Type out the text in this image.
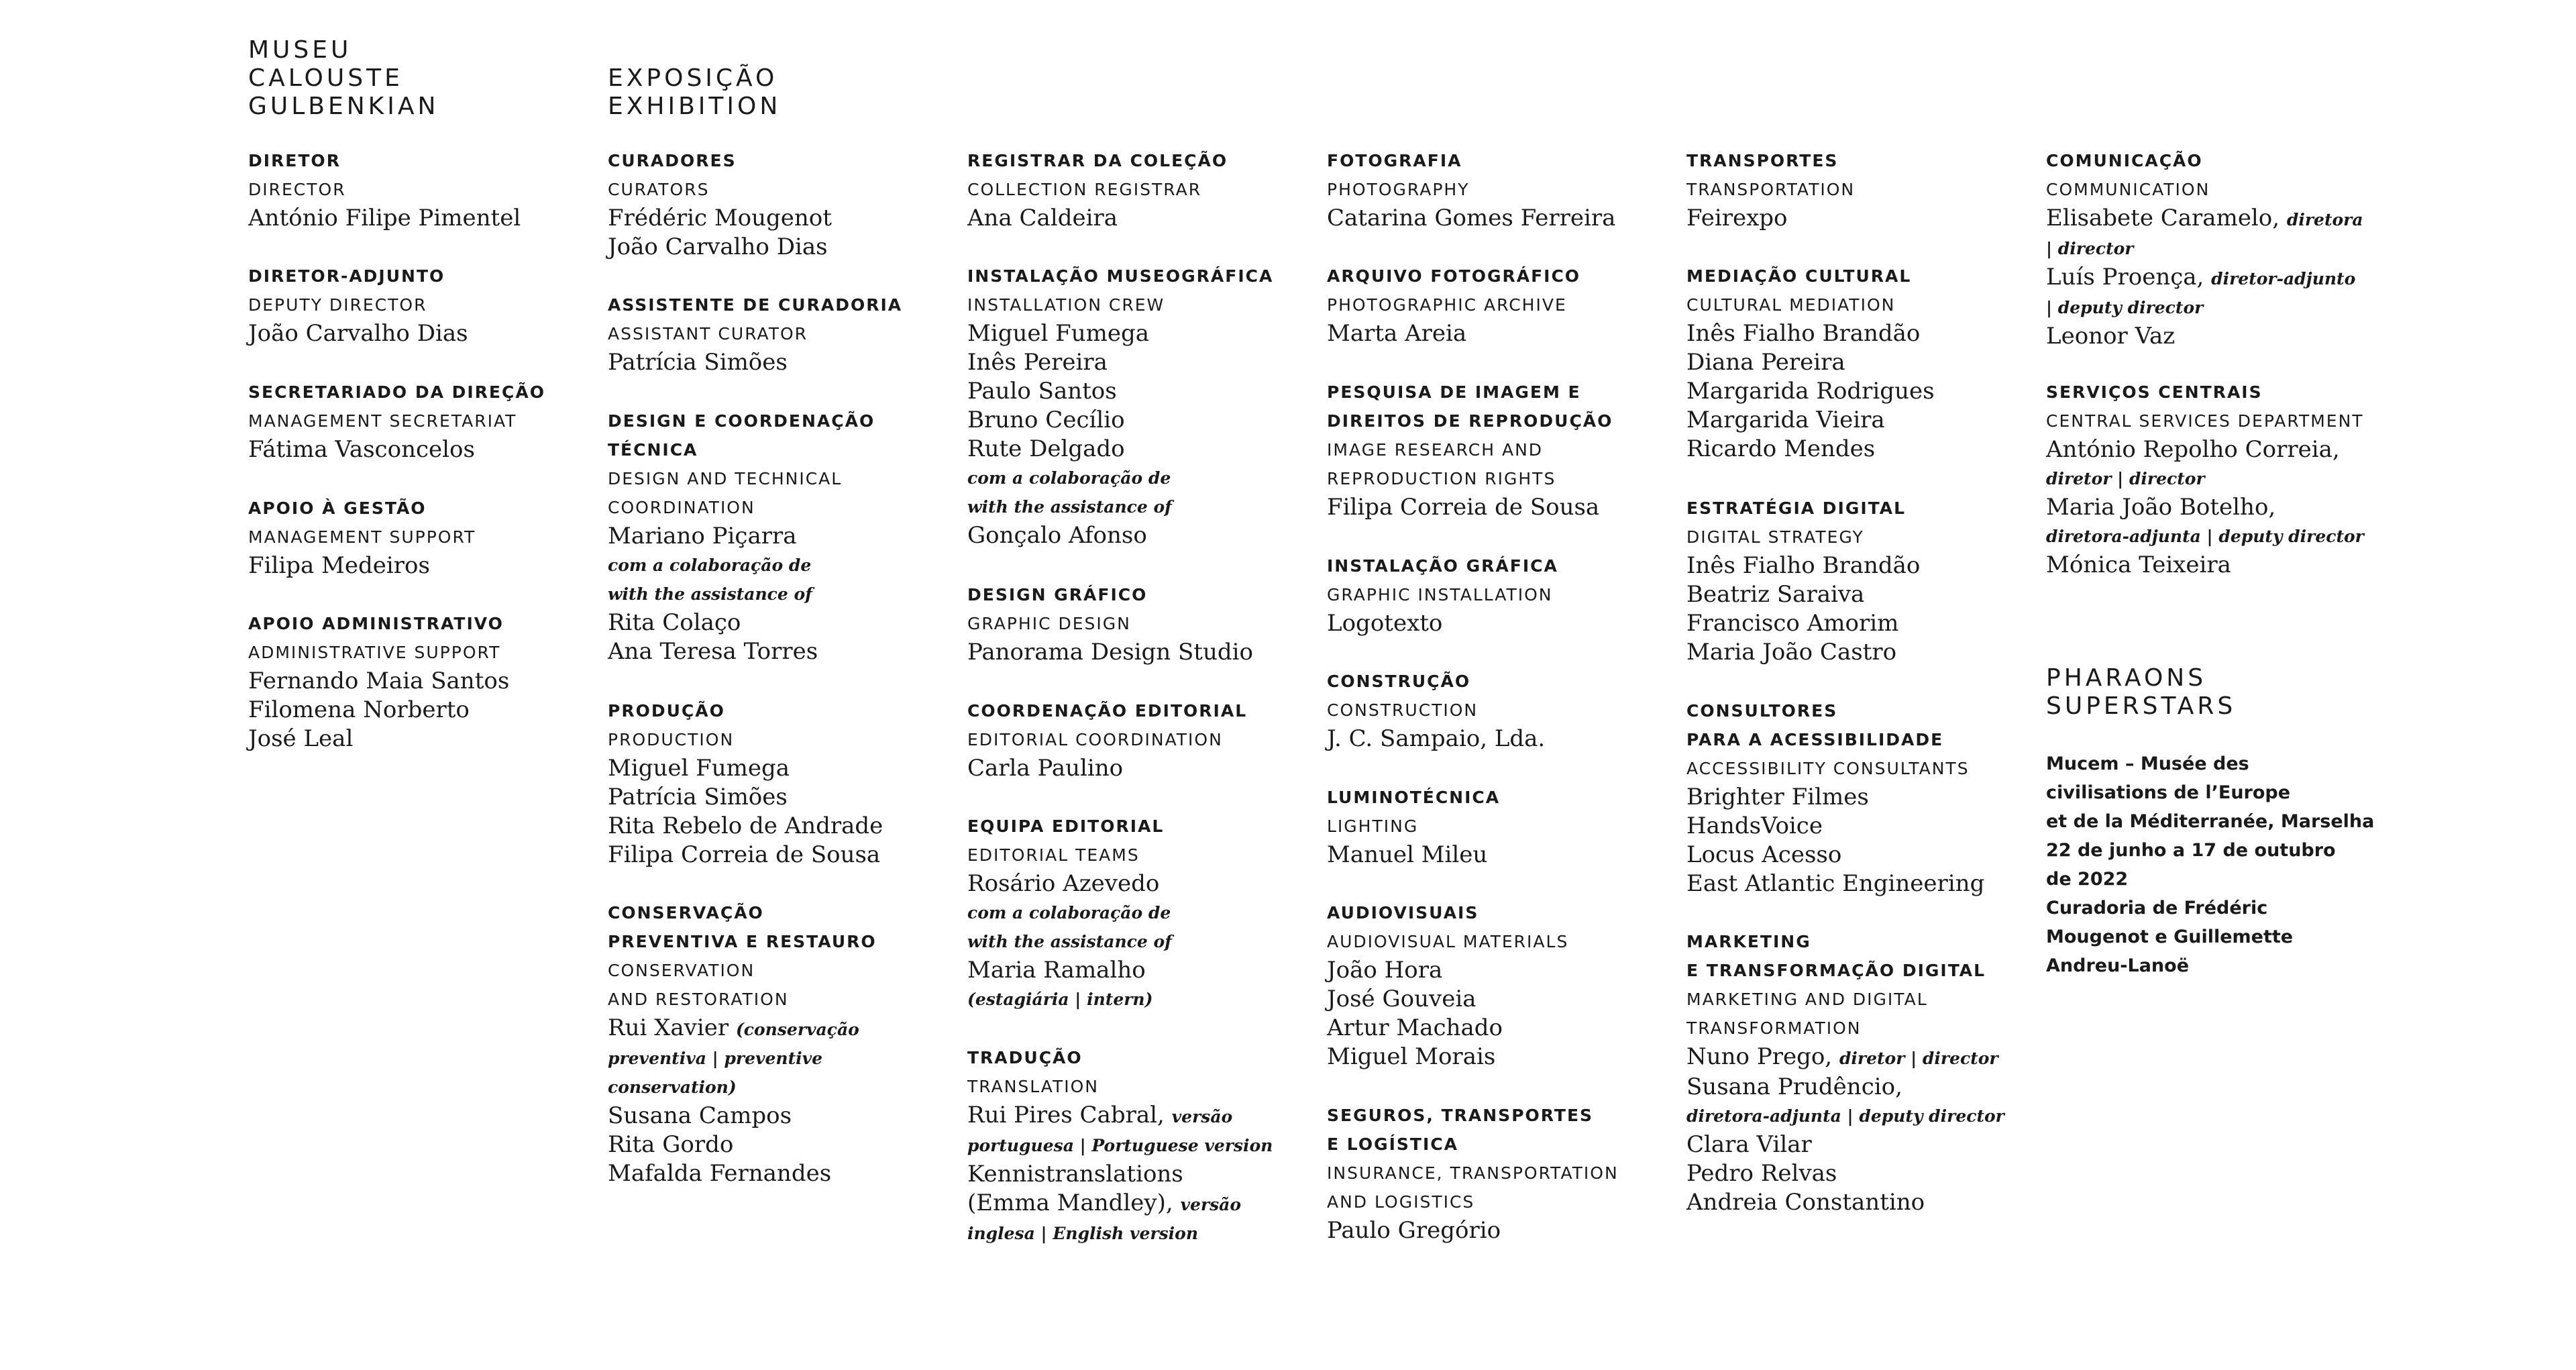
MUSEU
CALOUSTE
GULBENKIAN
DIRETOR
DIRECTOR
António Filipe Pimentel
DIRETOR-ADJUNTO
DEPUTY DIRECTOR
João Carvalho Dias
SECRETARIADO DA DIREÇÃO
MANAGEMENT SECRETARIAT
Fátima Vasconcelos
APOIO À GESTÃO
MANAGEMENT SUPPORT
Filipa Medeiros
APOIO ADMINISTRATIVO
ADMINISTRATIVE SUPPORT
Fernando Maia Santos
Filomena Norberto
José Leal
EXPOSIÇÃO
EXHIBITION
CURADORES
CURATORS
Frédéric Mougenot
João Carvalho Dias
ASSISTENTE DE CURADORIA
ASSISTANT CURATOR
Patrícia Simões
DESIGN E COORDENAÇÃO
TÉCNICA
DESIGN AND TECHNICAL
COORDINATION
Mariano Piçarra
com a colaboração de
with the assistance of
Rita Colaço
Ana Teresa Torres
PRODUÇÃO
PRODUCTION
Miguel Fumega
Patrícia Simões
Rita Rebelo de Andrade
Filipa Correia de Sousa
CONSERVAÇÃO
PREVENTIVA E RESTAURO
CONSERVATION
AND RESTORATION
Rui Xavier (conservação
preventiva | preventive
conservation)
Susana Campos
Rita Gordo
Mafalda Fernandes
REGISTRAR DA COLEÇÃO
COLLECTION REGISTRAR
Ana Caldeira
INSTALAÇÃO MUSEOGRÁFICA
INSTALLATION CREW
Miguel Fumega
Inês Pereira
Paulo Santos
Bruno Cecílio
Rute Delgado
com a colaboração de
with the assistance of
Gonçalo Afonso
DESIGN GRÁFICO
GRAPHIC DESIGN
Panorama Design Studio
COORDENAÇÃO EDITORIAL
EDITORIAL COORDINATION
Carla Paulino
EQUIPA EDITORIAL
EDITORIAL TEAMS
Rosário Azevedo
com a colaboração de
with the assistance of
Maria Ramalho
(estagiária | intern)
TRADUÇÃO
TRANSLATION
Rui Pires Cabral, versão
portuguesa | Portuguese version
Kennistranslations
(Emma Mandley), versão
inglesa | English version
FOTOGRAFIA
PHOTOGRAPHY
Catarina Gomes Ferreira
ARQUIVO FOTOGRÁFICO
PHOTOGRAPHIC ARCHIVE
Marta Areia
PESQUISA DE IMAGEM E
DIREITOS DE REPRODUÇÃO
IMAGE RESEARCH AND
REPRODUCTION RIGHTS
Filipa Correia de Sousa
INSTALAÇÃO GRÁFICA
GRAPHIC INSTALLATION
Logotexto
CONSTRUÇÃO
CONSTRUCTION
J. C. Sampaio, Lda.
LUMINOTÉCNICA
LIGHTING
Manuel Mileu
AUDIOVISUAIS
AUDIOVISUAL MATERIALS
João Hora
José Gouveia
Artur Machado
Miguel Morais
SEGUROS, TRANSPORTES
E LOGÍSTICA
INSURANCE, TRANSPORTATION
AND LOGISTICS
Paulo Gregório
TRANSPORTES
TRANSPORTATION
Feirexpo
MEDIAÇÃO CULTURAL
CULTURAL MEDIATION
Inês Fialho Brandão
Diana Pereira
Margarida Rodrigues
Margarida Vieira
Ricardo Mendes
ESTRATÉGIA DIGITAL
DIGITAL STRATEGY
Inês Fialho Brandão
Beatriz Saraiva
Francisco Amorim
Maria João Castro
CONSULTORES
PARA A ACESSIBILIDADE
ACCESSIBILITY CONSULTANTS
Brighter Filmes
HandsVoice
Locus Acesso
East Atlantic Engineering
MARKETING
E TRANSFORMAÇÃO DIGITAL
MARKETING AND DIGITAL
TRANSFORMATION
Nuno Prego, diretor | director
Susana Prudêncio,
diretora-adjunta | deputy director
Clara Vilar
Pedro Relvas
Andreia Constantino
COMUNICAÇÃO
COMMUNICATION
Elisabete Caramelo, diretora
| director
Luís Proença, diretor-adjunto
| deputy director
Leonor Vaz
SERVIÇOS CENTRAIS
CENTRAL SERVICES DEPARTMENT
António Repolho Correia,
diretor | director
Maria João Botelho,
diretora-adjunta | deputy director
Mónica Teixeira
PHARAONS
SUPERSTARS
Mucem – Musée des
civilisations de l’Europe
et de la Méditerranée, Marselha
22 de junho a 17 de outubro
de 2022
Curadoria de Frédéric
Mougenot e Guillemette
Andreu-Lanoë
